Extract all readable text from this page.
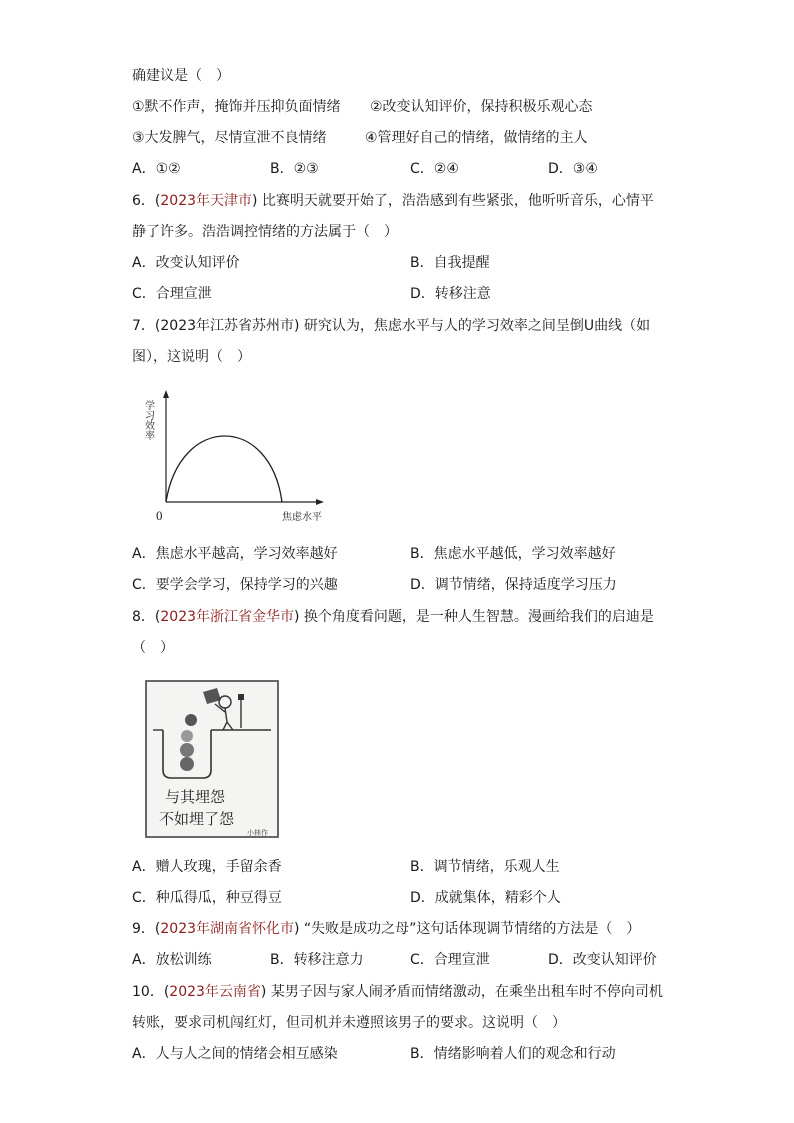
确建议是（　）
①默不作声，掩饰并压抑负面情绪 ②改变认知评价，保持积极乐观心态
③大发脾气，尽情宣泄不良情绪	④管理好自己的情绪，做情绪的主人
A．①②	B．②③	C．②④	D．③④
6．(2023年天津市) 比赛明天就要开始了，浩浩感到有些紧张，他听听音乐，心情平
静了许多。浩浩调控情绪的方法属于（　）
A．改变认知评价	B．自我提醒
C．合理宣泄	D．转移注意
7．(2023年江苏省苏州市) 研究认为，焦虑水平与人的学习效率之间呈倒U曲线（如
图），这说明（　）
学习效率
0	焦虑水平
A．焦虑水平越高，学习效率越好	B．焦虑水平越低，学习效率越好
C．要学会学习，保持学习的兴趣	D．调节情绪，保持适度学习压力
8．(2023年浙江省金华市) 换个角度看问题，是一种人生智慧。漫画给我们的启迪是
（　）
与其埋怨
不如埋了怨
小林作
A．赠人玫瑰，手留余香	B．调节情绪，乐观人生
C．种瓜得瓜，种豆得豆	D．成就集体，精彩个人
9．(2023年湖南省怀化市) “失败是成功之母”这句话体现调节情绪的方法是（　）
A．放松训练	B．转移注意力	C．合理宣泄	D．改变认知评价
10．(2023年云南省) 某男子因与家人闹矛盾而情绪激动，在乘坐出租车时不停向司机
转账，要求司机闯红灯，但司机并未遵照该男子的要求。这说明（　）
A．人与人之间的情绪会相互感染	B．情绪影响着人们的观念和行动
